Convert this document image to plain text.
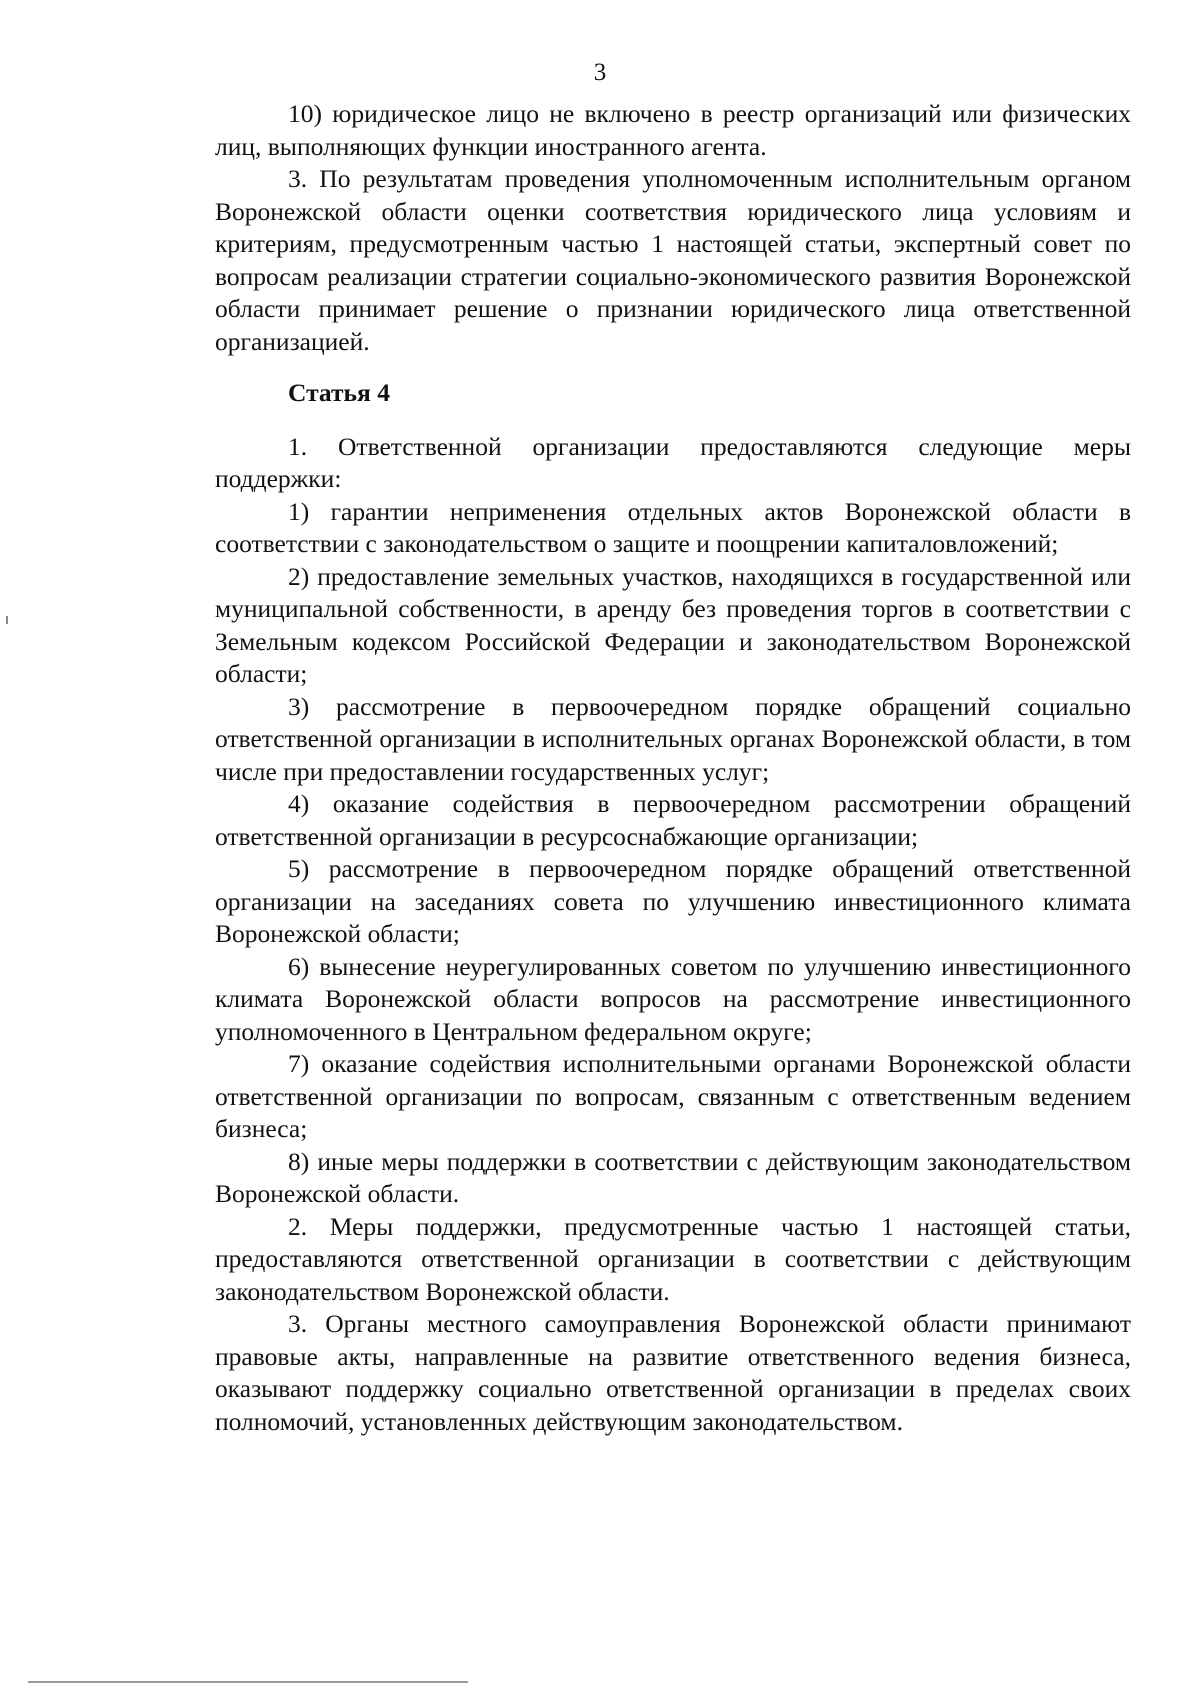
3

10) юридическое лицо не включено в реестр организаций или физических лиц, выполняющих функции иностранного агента.

3. По результатам проведения уполномоченным исполнительным органом Воронежской области оценки соответствия юридического лица условиям и критериям, предусмотренным частью 1 настоящей статьи, экспертный совет по вопросам реализации стратегии социально-экономического развития Воронежской области принимает решение о признании юридического лица ответственной организацией.

Статья 4

1. Ответственной организации предоставляются следующие меры поддержки:

1) гарантии неприменения отдельных актов Воронежской области в соответствии с законодательством о защите и поощрении капиталовложений;

2) предоставление земельных участков, находящихся в государственной или муниципальной собственности, в аренду без проведения торгов в соответствии с Земельным кодексом Российской Федерации и законодательством Воронежской области;

3) рассмотрение в первоочередном порядке обращений социально ответственной организации в исполнительных органах Воронежской области, в том числе при предоставлении государственных услуг;

4) оказание содействия в первоочередном рассмотрении обращений ответственной организации в ресурсоснабжающие организации;

5) рассмотрение в первоочередном порядке обращений ответственной организации на заседаниях совета по улучшению инвестиционного климата Воронежской области;

6) вынесение неурегулированных советом по улучшению инвестиционного климата Воронежской области вопросов на рассмотрение инвестиционного уполномоченного в Центральном федеральном округе;

7) оказание содействия исполнительными органами Воронежской области ответственной организации по вопросам, связанным с ответственным ведением бизнеса;

8) иные меры поддержки в соответствии с действующим законодательством Воронежской области.

2. Меры поддержки, предусмотренные частью 1 настоящей статьи, предоставляются ответственной организации в соответствии с действующим законодательством Воронежской области.

3. Органы местного самоуправления Воронежской области принимают правовые акты, направленные на развитие ответственного ведения бизнеса, оказывают поддержку социально ответственной организации в пределах своих полномочий, установленных действующим законодательством.
